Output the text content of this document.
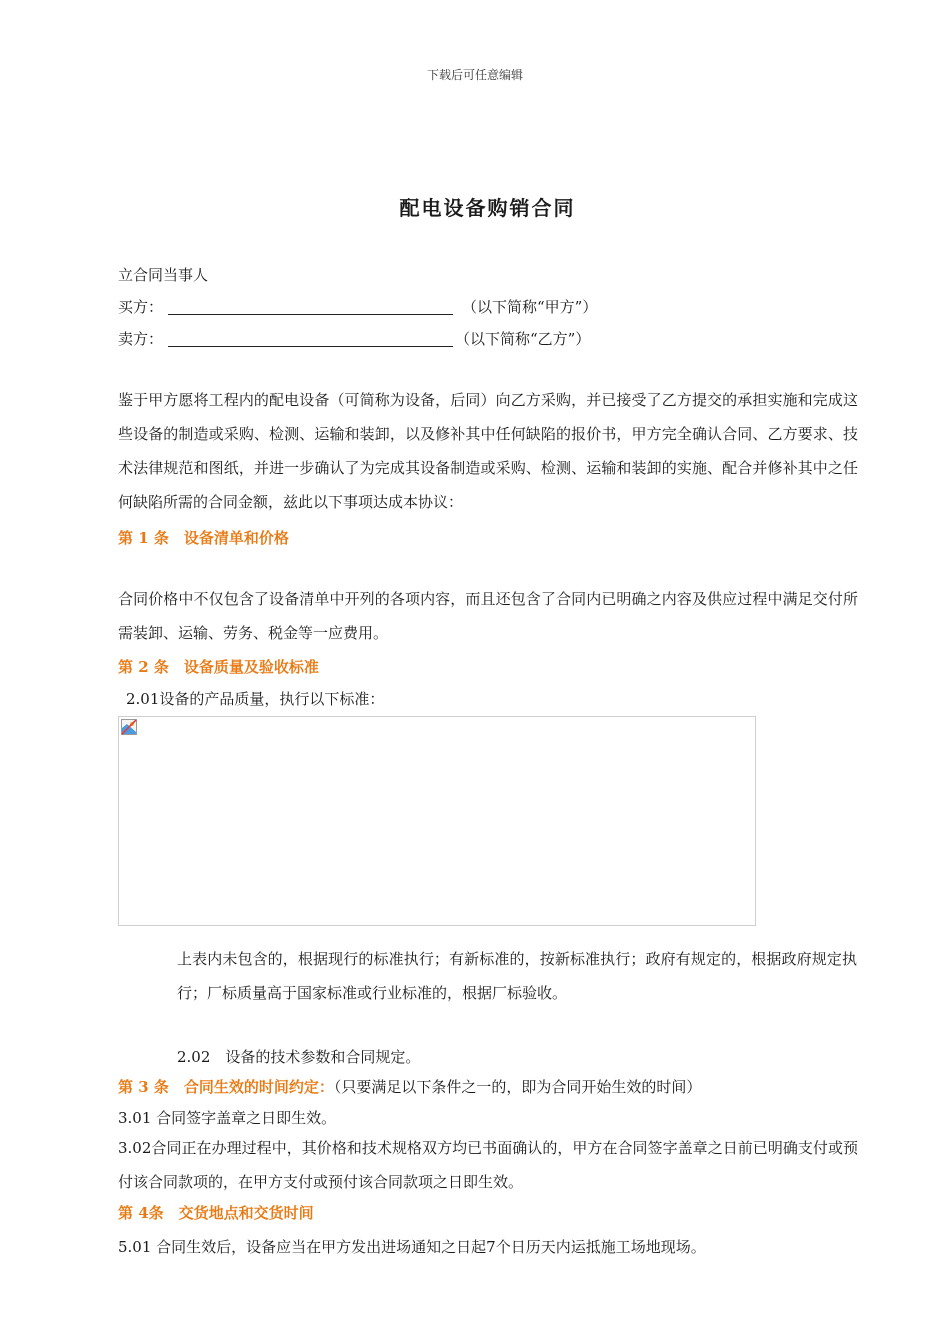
下载后可任意编辑
配电设备购销合同
立合同当事人
买方：	（以下简称“甲方”）
卖方：	（以下简称“乙方”）
鉴于甲方愿将工程内的配电设备（可简称为设备，后同）向乙方采购，并已接受了乙方提交的承担实施和完成这些设备的制造或采购、检测、运输和装卸，以及修补其中任何缺陷的报价书，甲方完全确认合同、乙方要求、技术法律规范和图纸，并进一步确认了为完成其设备制造或采购、检测、运输和装卸的实施、配合并修补其中之任何缺陷所需的合同金额，兹此以下事项达成本协议：
第 1 条　设备清单和价格
合同价格中不仅包含了设备清单中开列的各项内容，而且还包含了合同内已明确之内容及供应过程中满足交付所需装卸、运输、劳务、税金等一应费用。
第 2 条　设备质量及验收标准
2.01设备的产品质量，执行以下标准：
上表内未包含的，根据现行的标准执行；有新标准的，按新标准执行；政府有规定的，根据政府规定执行；厂标质量高于国家标准或行业标准的，根据厂标验收。
2.02　设备的技术参数和合同规定。
第 3 条　合同生效的时间约定：（只要满足以下条件之一的，即为合同开始生效的时间）
3.01 合同签字盖章之日即生效。
3.02合同正在办理过程中，其价格和技术规格双方均已书面确认的，甲方在合同签字盖章之日前已明确支付或预付该合同款项的，在甲方支付或预付该合同款项之日即生效。
第 4条　交货地点和交货时间
5.01 合同生效后，设备应当在甲方发出进场通知之日起7个日历天内运抵施工场地现场。
